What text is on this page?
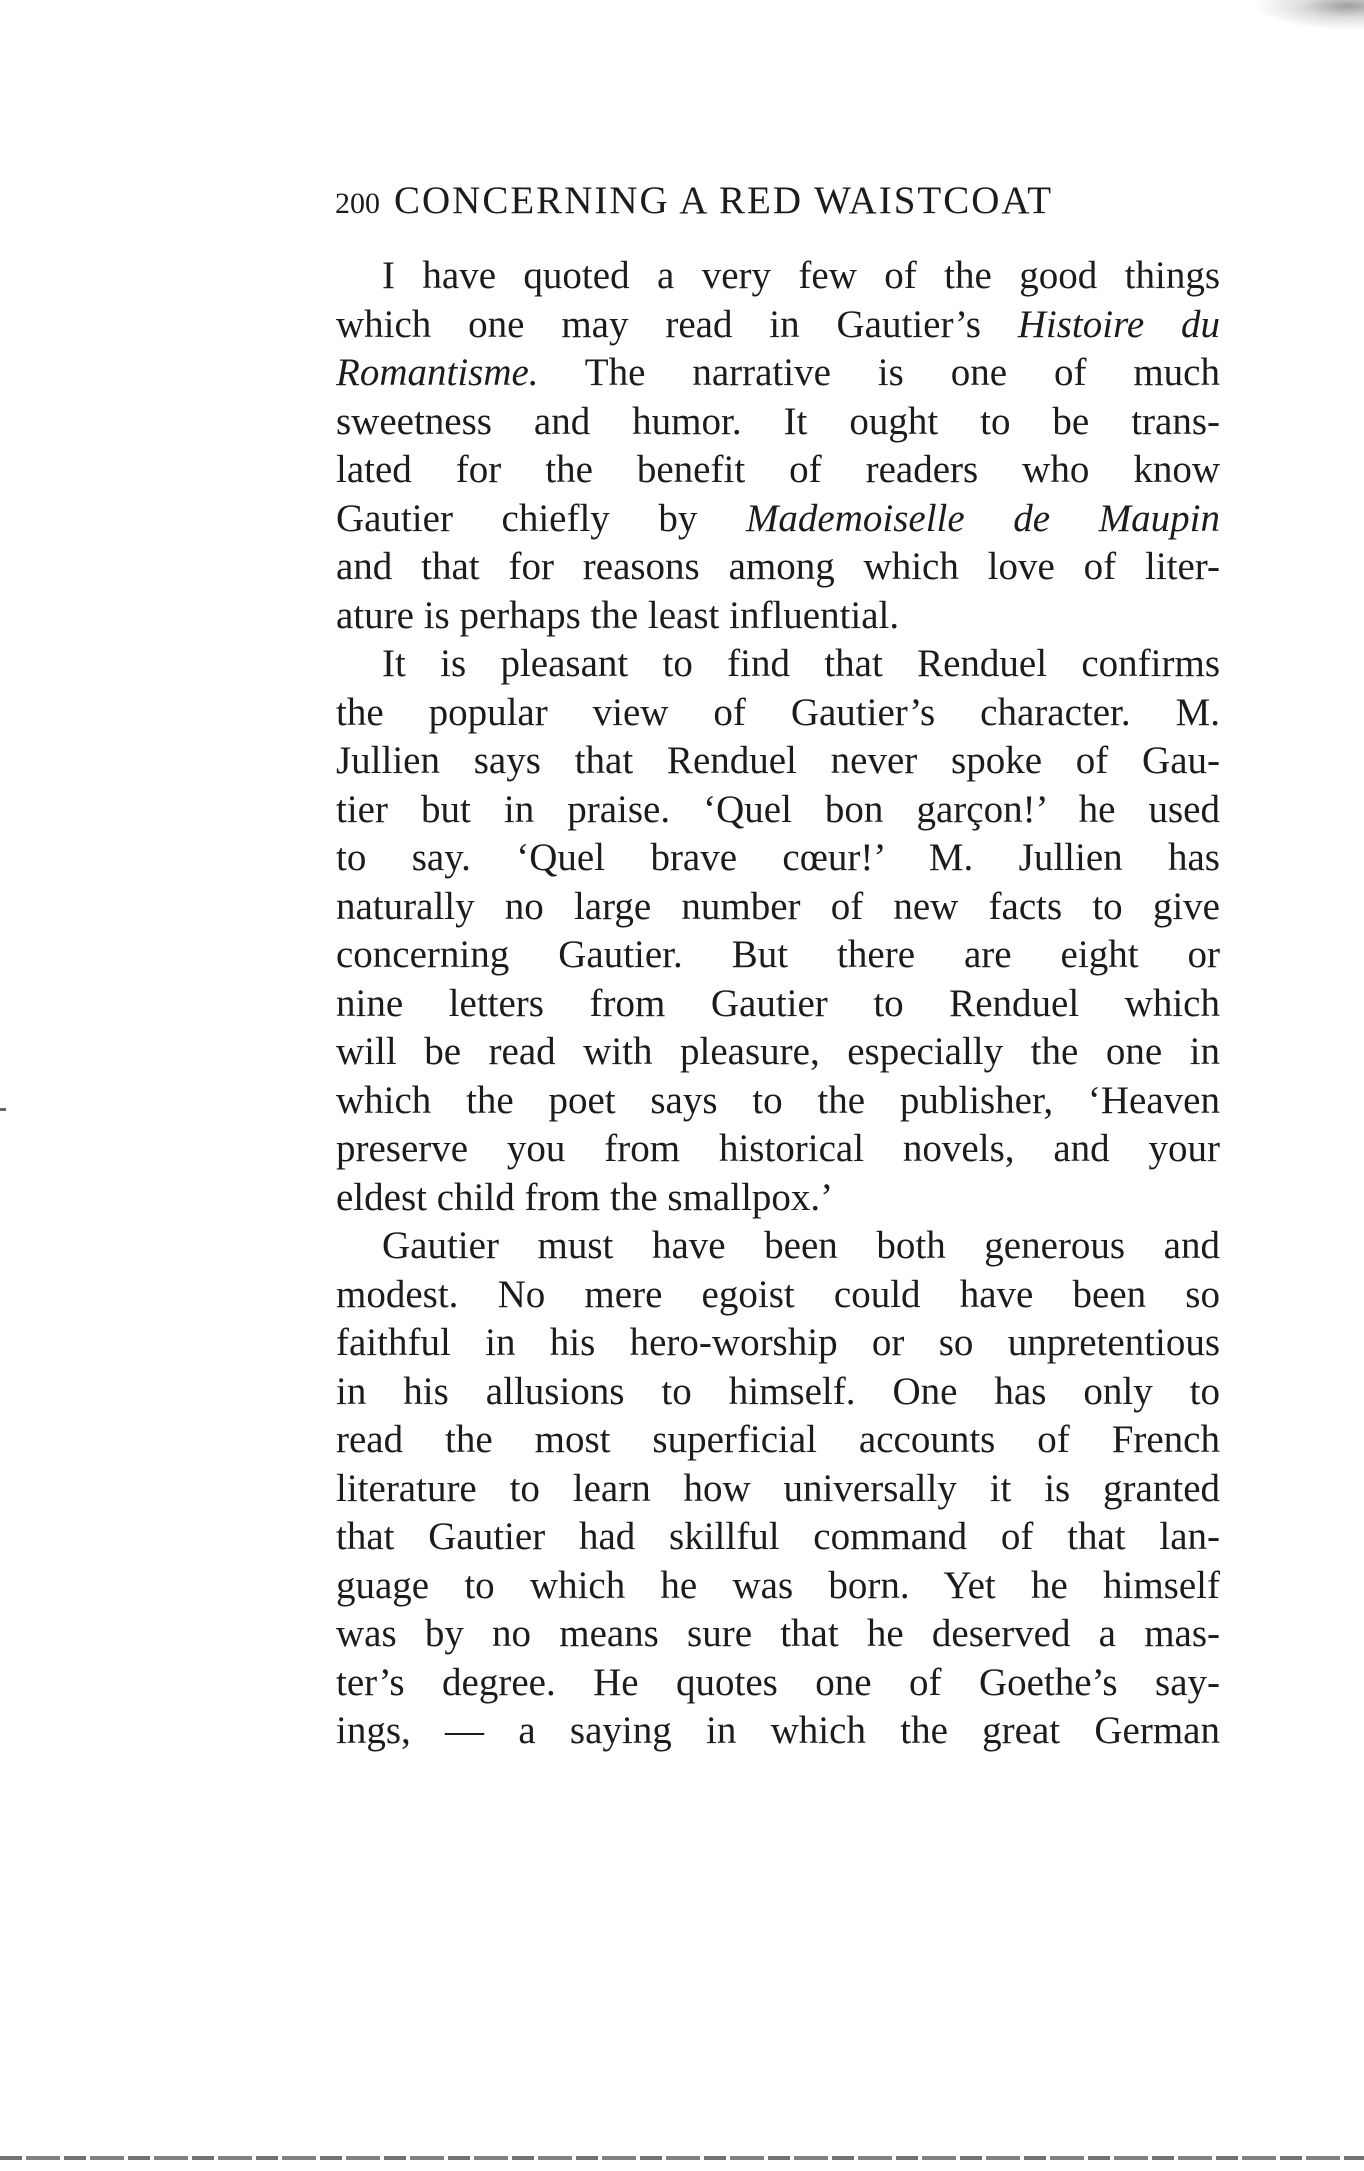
200 CONCERNING A RED WAISTCOAT
I have quoted a very few of the good things
which one may read in Gautier’s Histoire du
Romantisme. The narrative is one of much
sweetness and humor. It ought to be trans-
lated for the benefit of readers who know
Gautier chiefly by Mademoiselle de Maupin
and that for reasons among which love of liter-
ature is perhaps the least influential.
It is pleasant to find that Renduel confirms
the popular view of Gautier’s character. M.
Jullien says that Renduel never spoke of Gau-
tier but in praise. ‘Quel bon garçon!’ he used
to say. ‘Quel brave cœur!’ M. Jullien has
naturally no large number of new facts to give
concerning Gautier. But there are eight or
nine letters from Gautier to Renduel which
will be read with pleasure, especially the one in
which the poet says to the publisher, ‘Heaven
preserve you from historical novels, and your
eldest child from the smallpox.’
Gautier must have been both generous and
modest. No mere egoist could have been so
faithful in his hero-worship or so unpretentious
in his allusions to himself. One has only to
read the most superficial accounts of French
literature to learn how universally it is granted
that Gautier had skillful command of that lan-
guage to which he was born. Yet he himself
was by no means sure that he deserved a mas-
ter’s degree. He quotes one of Goethe’s say-
ings, — a saying in which the great German
